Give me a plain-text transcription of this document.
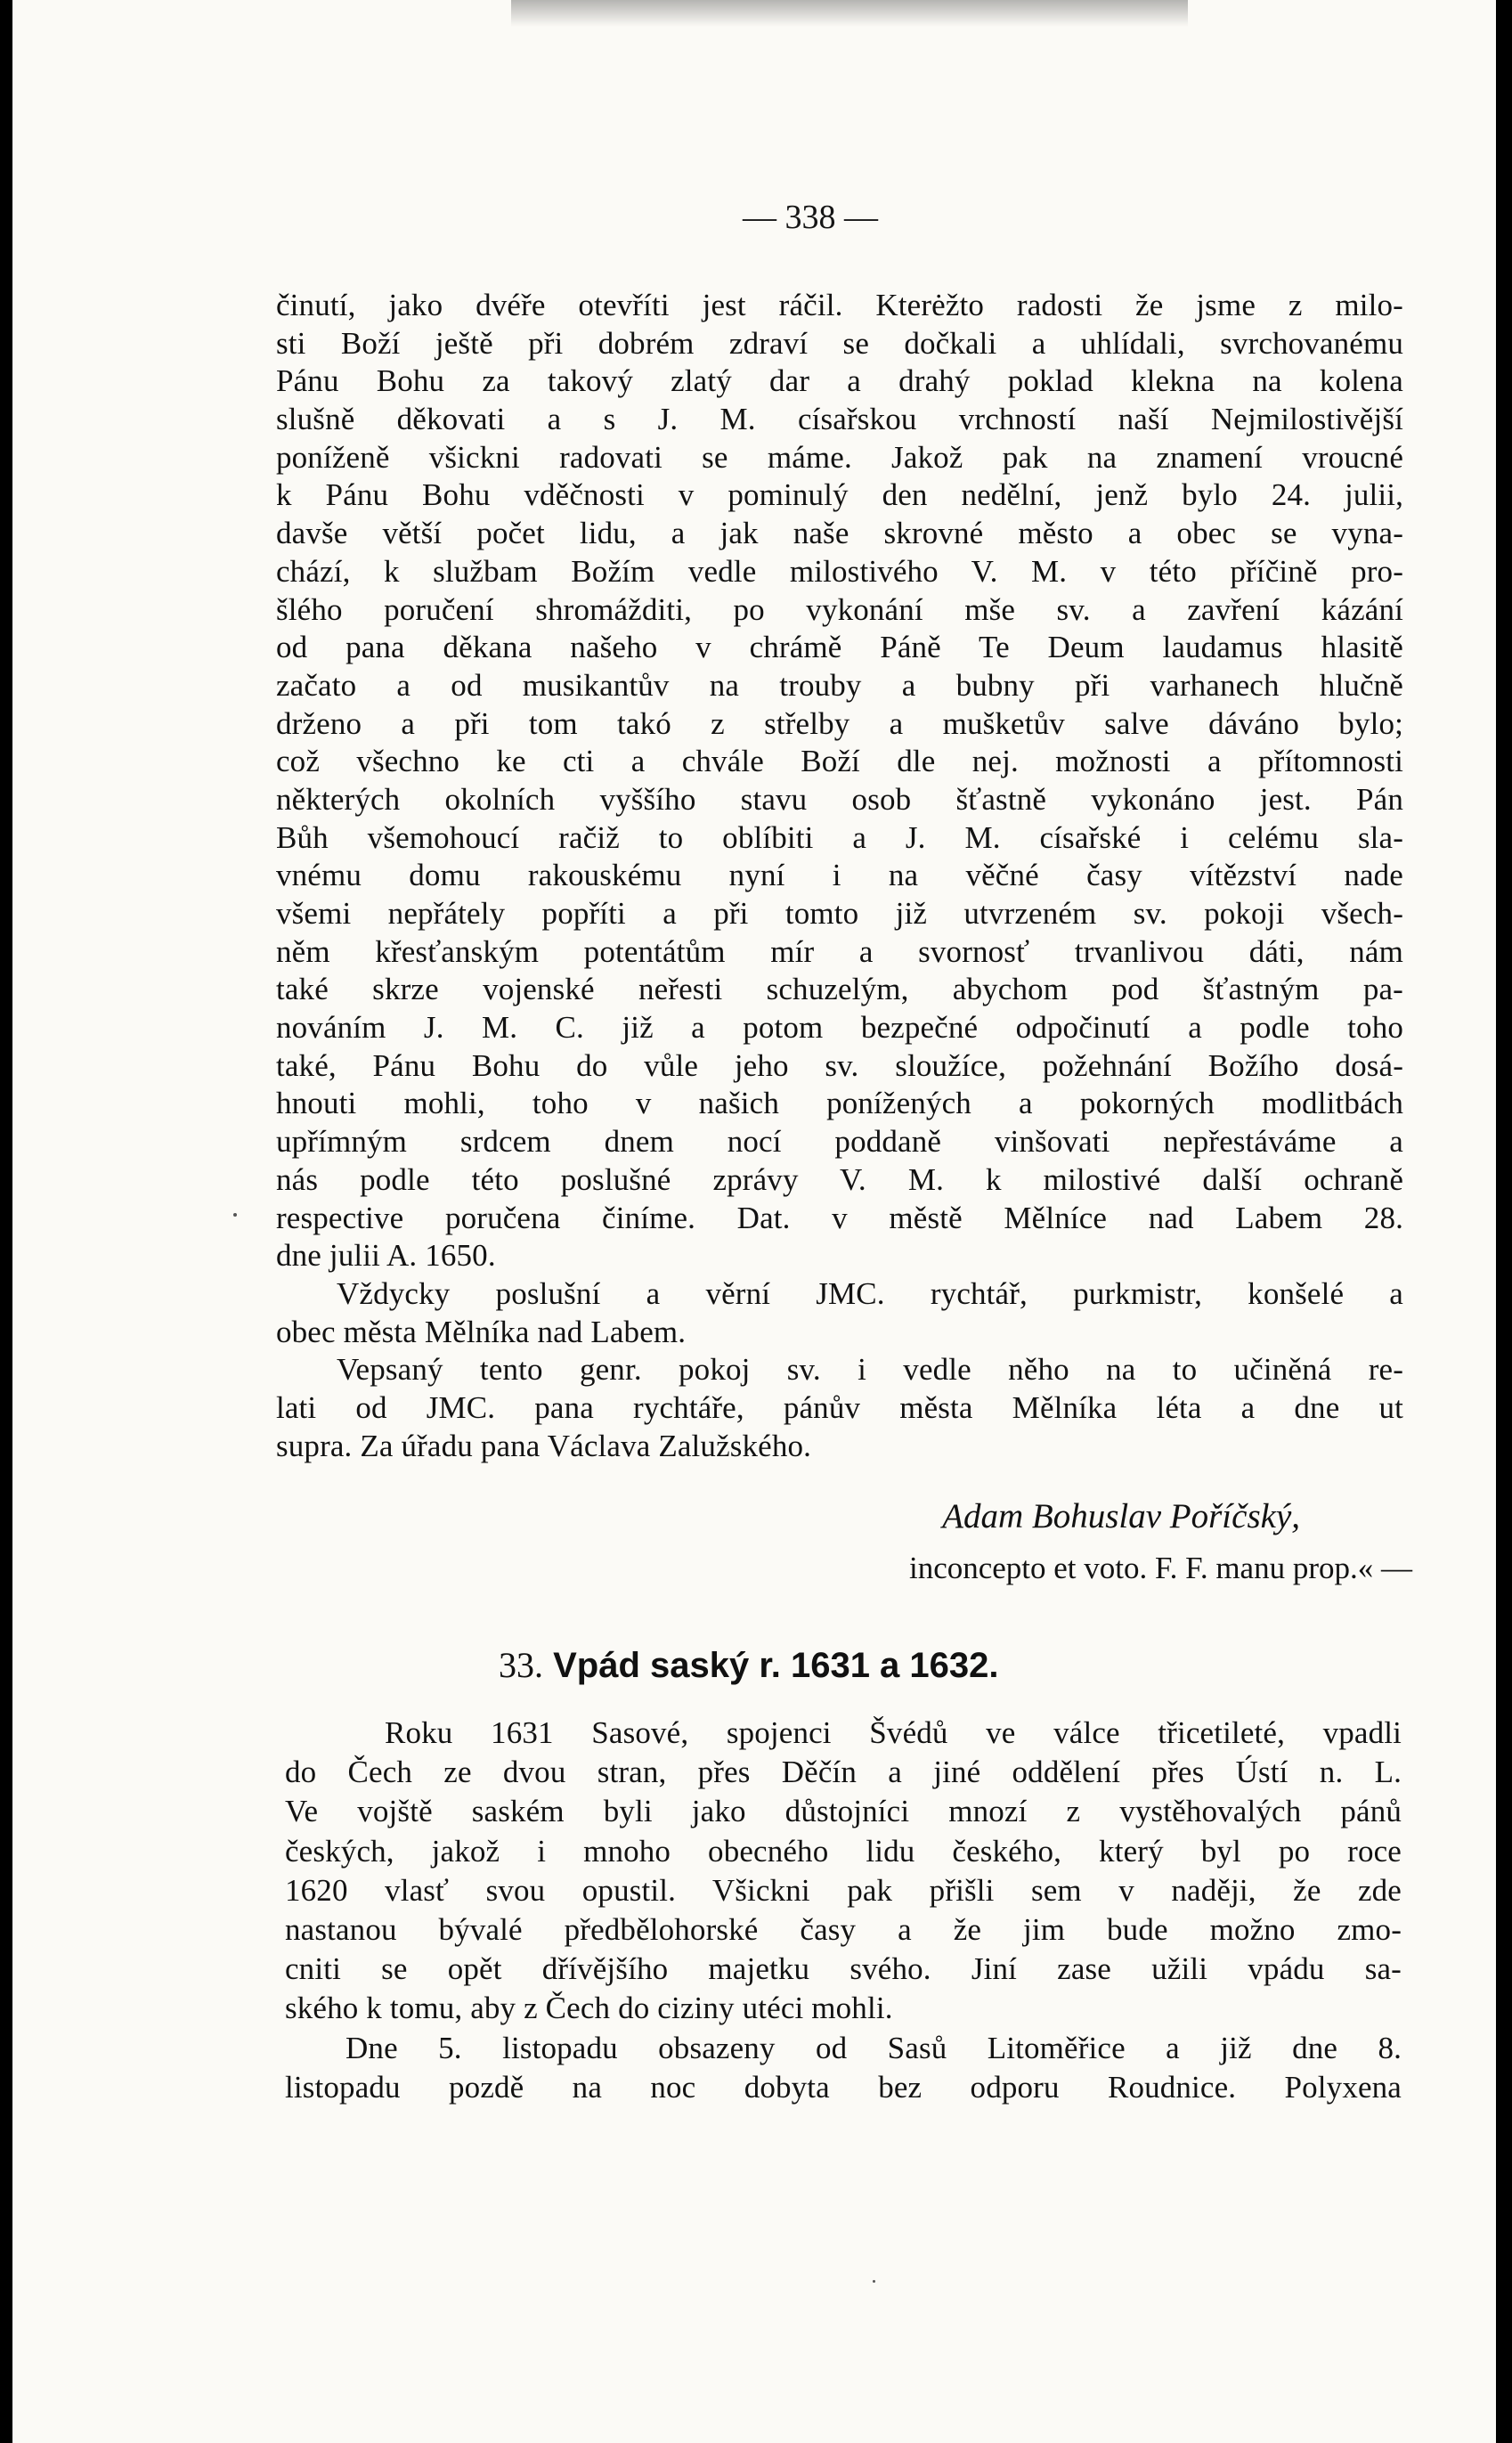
— 338 —
činutí, jako dvéře otevříti jest ráčil. Kterėžto radosti že jsme z milo-
sti Boží ještě při dobrém zdraví se dočkali a uhlídali, svrchovanému
Pánu Bohu za takový zlatý dar a drahý poklad klekna na kolena
slušně děkovati a s J. M. císařskou vrchností naší Nejmilostivější
poníženě všickni radovati se máme. Jakož pak na znamení vroucné
k Pánu Bohu vděčnosti v pominulý den nedělní, jenž bylo 24. julii,
davše větší počet lidu, a jak naše skrovné město a obec se vyna-
chází, k službam Božím vedle milostivého V. M. v této příčině pro-
šlého poručení shromážditi, po vykonání mše sv. a zavření kázání
od pana děkana našeho v chrámě Páně Te Deum laudamus hlasitě
začato a od musikantův na trouby a bubny při varhanech hlučně
drženo a při tom takó z střelby a mušketův salve dáváno bylo;
což všechno ke cti a chvále Boží dle nej. možnosti a přítomnosti
některých okolních vyššího stavu osob šťastně vykonáno jest. Pán
Bůh všemohoucí račiž to oblíbiti a J. M. císařské i celému sla-
vnému domu rakouskému nyní i na věčné časy vítězství nade
všemi nepřátely popříti a při tomto již utvrzeném sv. pokoji všech-
něm křesťanským potentátům mír a svornosť trvanlivou dáti, nám
také skrze vojenské neřesti schuzelým, abychom pod šťastným pa-
nováním J. M. C. již a potom bezpečné odpočinutí a podle toho
také, Pánu Bohu do vůle jeho sv. sloužíce, požehnání Božího dosá-
hnouti mohli, toho v našich ponížených a pokorných modlitbách
upřímným srdcem dnem nocí poddaně vinšovati nepřestáváme a
nás podle této poslušné zprávy V. M. k milostivé další ochraně
respective poručena činíme. Dat. v městě Mělníce nad Labem 28.
dne julii A. 1650.
Vždycky poslušní a věrní JMC. rychtář, purkmistr, konšelé a
obec města Mělníka nad Labem.
Vepsaný tento genr. pokoj sv. i vedle něho na to učiněná re-
lati od JMC. pana rychtáře, pánův města Mělníka léta a dne ut
supra. Za úřadu pana Václava Zalužského.
Adam Bohuslav Poříčský,
inconcepto et voto. F. F. manu prop.« —
33. Vpád saský r. 1631 a 1632.
Roku 1631 Sasové, spojenci Švédů ve válce třicetileté, vpadli
do Čech ze dvou stran, přes Děčín a jiné oddělení přes Ústí n. L.
Ve vojště saském byli jako důstojníci mnozí z vystěhovalých pánů
českých, jakož i mnoho obecného lidu českého, který byl po roce
1620 vlasť svou opustil. Všickni pak přišli sem v naději, že zde
nastanou bývalé předbělohorské časy a že jim bude možno zmo-
cniti se opět dřívějšího majetku svého. Jiní zase užili vpádu sa-
ského k tomu, aby z Čech do ciziny utéci mohli.
Dne 5. listopadu obsazeny od Sasů Litoměřice a již dne 8.
listopadu pozdě na noc dobyta bez odporu Roudnice. Polyxena
